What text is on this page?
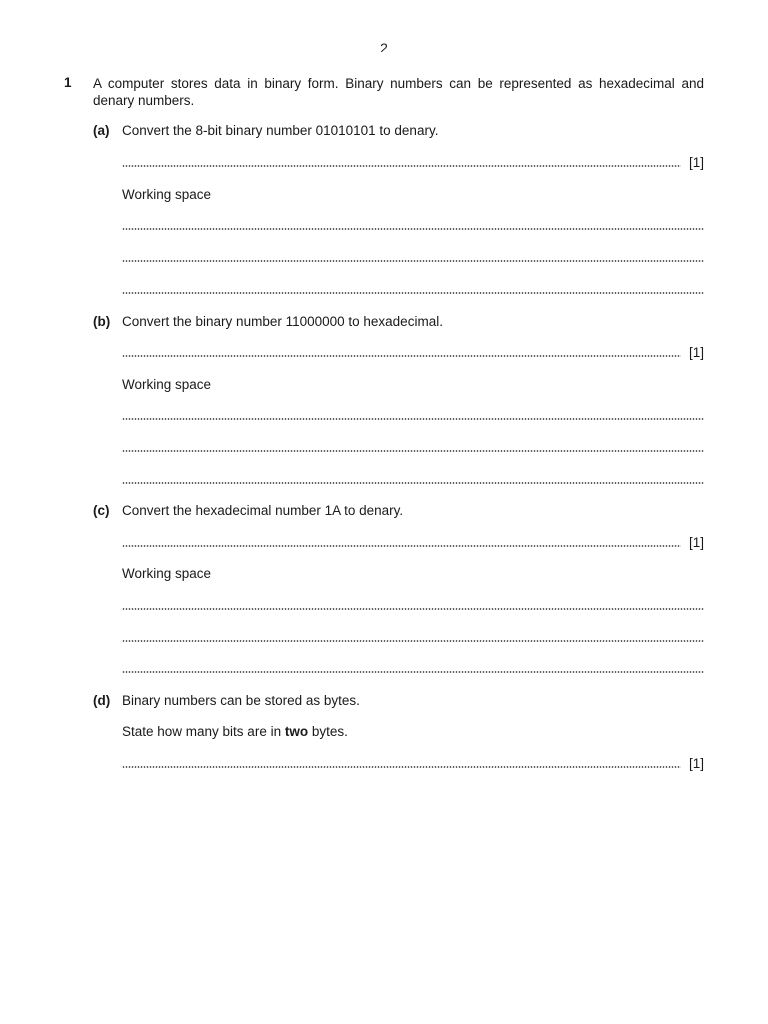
2
1 A computer stores data in binary form. Binary numbers can be represented as hexadecimal and denary numbers.
(a) Convert the 8-bit binary number 01010101 to denary.
[1]
Working space
(b) Convert the binary number 11000000 to hexadecimal.
[1]
Working space
(c) Convert the hexadecimal number 1A to denary.
[1]
Working space
(d) Binary numbers can be stored as bytes.
State how many bits are in two bytes.
[1]
